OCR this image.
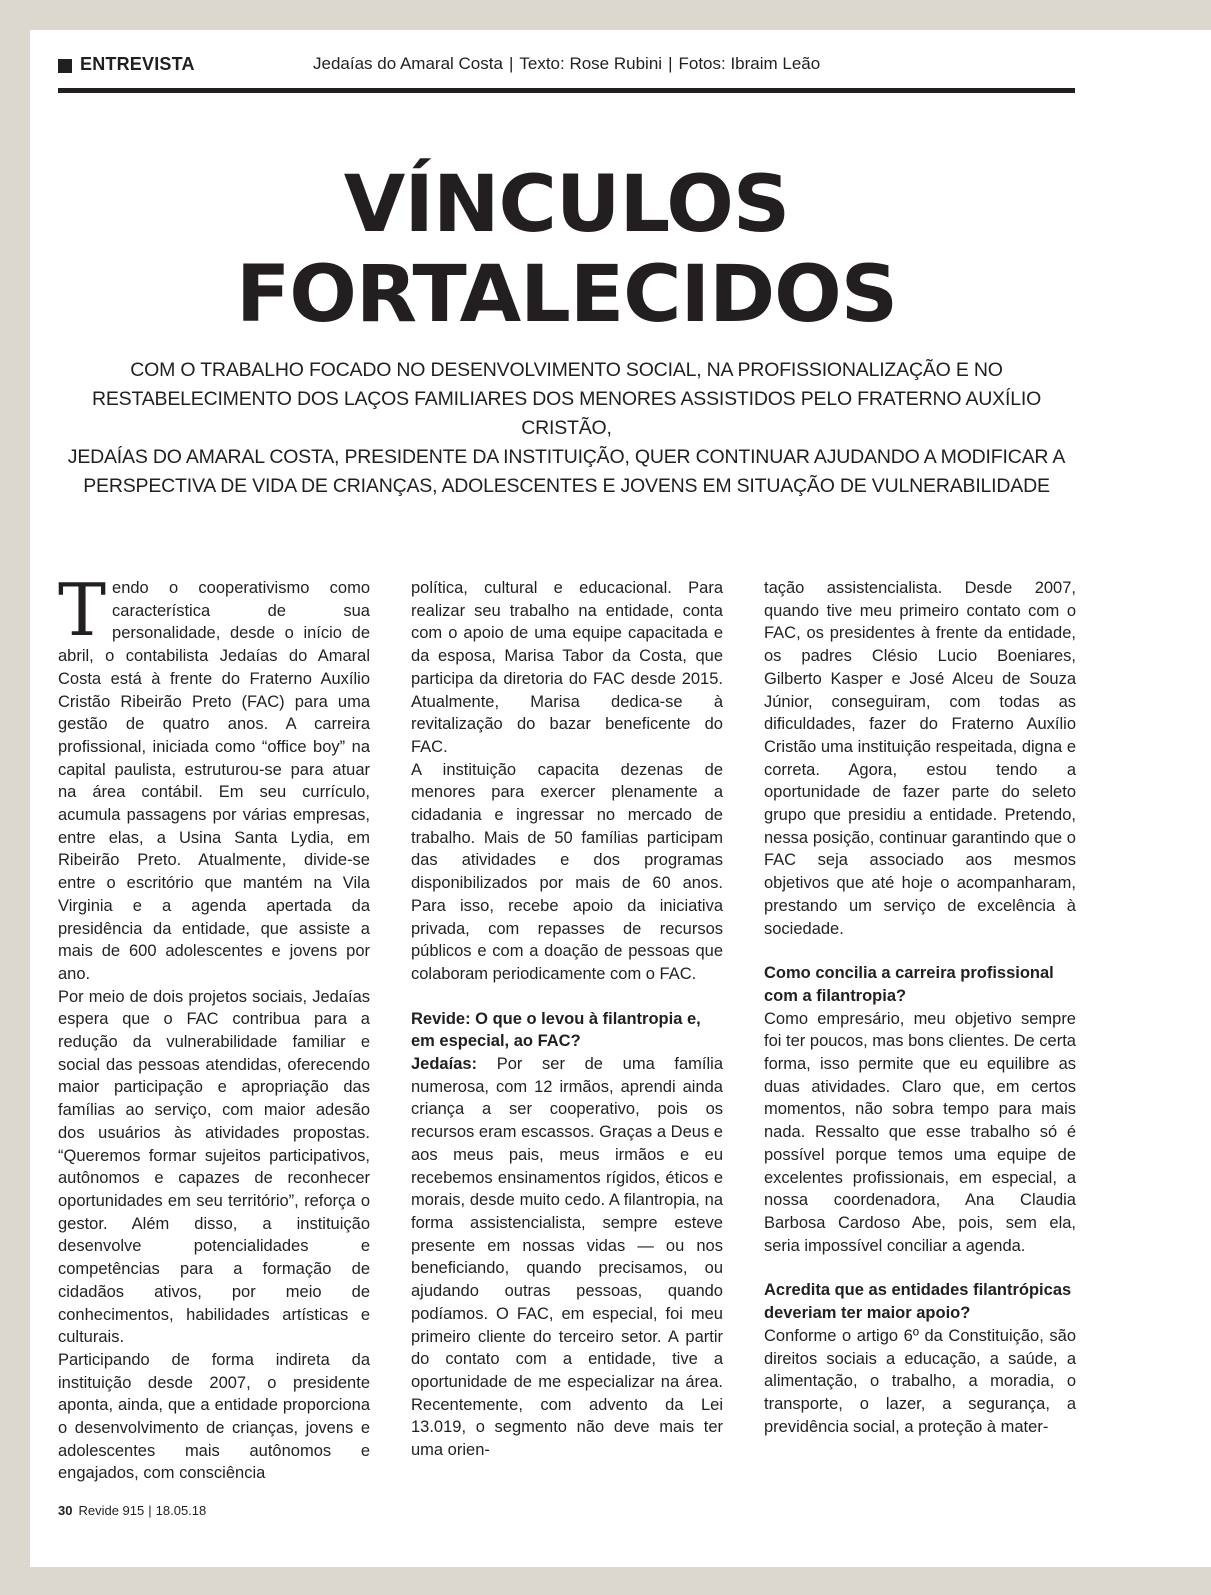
ENTREVISTA	Jedaías do Amaral Costa | Texto: Rose Rubini | Fotos: Ibraim Leão
VÍNCULOS
FORTALECIDOS
COM O TRABALHO FOCADO NO DESENVOLVIMENTO SOCIAL, NA PROFISSIONALIZAÇÃO E NO
RESTABELECIMENTO DOS LAÇOS FAMILIARES DOS MENORES ASSISTIDOS PELO FRATERNO AUXÍLIO CRISTÃO,
JEDAÍAS DO AMARAL COSTA, PRESIDENTE DA INSTITUIÇÃO, QUER CONTINUAR AJUDANDO A MODIFICAR A
PERSPECTIVA DE VIDA DE CRIANÇAS, ADOLESCENTES E JOVENS EM SITUAÇÃO DE VULNERABILIDADE

Tendo o cooperativismo como característica de sua personalidade, desde o início de abril, o contabilista Jedaías do Amaral Costa está à frente do Fraterno Auxílio Cristão Ribeirão Preto (FAC) para uma gestão de quatro anos. A carreira profissional, iniciada como “office boy” na capital paulista, estruturou-se para atuar na área contábil. Em seu currículo, acumula passagens por várias empresas, entre elas, a Usina Santa Lydia, em Ribeirão Preto. Atualmente, divide-se entre o escritório que mantém na Vila Virginia e a agenda apertada da presidência da entidade, que assiste a mais de 600 adolescentes e jovens por ano.

Por meio de dois projetos sociais, Jedaías espera que o FAC contribua para a redução da vulnerabilidade familiar e social das pessoas atendidas, oferecendo maior participação e apropriação das famílias ao serviço, com maior adesão dos usuários às atividades propostas. “Queremos formar sujeitos participativos, autônomos e capazes de reconhecer oportunidades em seu território”, reforça o gestor. Além disso, a instituição desenvolve potencialidades e competências para a formação de cidadãos ativos, por meio de conhecimentos, habilidades artísticas e culturais.

Participando de forma indireta da instituição desde 2007, o presidente aponta, ainda, que a entidade proporciona o desenvolvimento de crianças, jovens e adolescentes mais autônomos e engajados, com consciência

política, cultural e educacional. Para realizar seu trabalho na entidade, conta com o apoio de uma equipe capacitada e da esposa, Marisa Tabor da Costa, que participa da diretoria do FAC desde 2015. Atualmente, Marisa dedica-se à revitalização do bazar beneficente do FAC.

A instituição capacita dezenas de menores para exercer plenamente a cidadania e ingressar no mercado de trabalho. Mais de 50 famílias participam das atividades e dos programas disponibilizados por mais de 60 anos. Para isso, recebe apoio da iniciativa privada, com repasses de recursos públicos e com a doação de pessoas que colaboram periodicamente com o FAC.

Revide: O que o levou à filantropia e, em especial, ao FAC?

Jedaías: Por ser de uma família numerosa, com 12 irmãos, aprendi ainda criança a ser cooperativo, pois os recursos eram escassos. Graças a Deus e aos meus pais, meus irmãos e eu recebemos ensinamentos rígidos, éticos e morais, desde muito cedo. A filantropia, na forma assistencialista, sempre esteve presente em nossas vidas — ou nos beneficiando, quando precisamos, ou ajudando outras pessoas, quando podíamos. O FAC, em especial, foi meu primeiro cliente do terceiro setor. A partir do contato com a entidade, tive a oportunidade de me especializar na área. Recentemente, com advento da Lei 13.019, o segmento não deve mais ter uma orien-

tação assistencialista. Desde 2007, quando tive meu primeiro contato com o FAC, os presidentes à frente da entidade, os padres Clésio Lucio Boeniares, Gilberto Kasper e José Alceu de Souza Júnior, conseguiram, com todas as dificuldades, fazer do Fraterno Auxílio Cristão uma instituição respeitada, digna e correta. Agora, estou tendo a oportunidade de fazer parte do seleto grupo que presidiu a entidade. Pretendo, nessa posição, continuar garantindo que o FAC seja associado aos mesmos objetivos que até hoje o acompanharam, prestando um serviço de excelência à sociedade.

Como concilia a carreira profissional com a filantropia?

Como empresário, meu objetivo sempre foi ter poucos, mas bons clientes. De certa forma, isso permite que eu equilibre as duas atividades. Claro que, em certos momentos, não sobra tempo para mais nada. Ressalto que esse trabalho só é possível porque temos uma equipe de excelentes profissionais, em especial, a nossa coordenadora, Ana Claudia Barbosa Cardoso Abe, pois, sem ela, seria impossível conciliar a agenda.

Acredita que as entidades filantrópicas deveriam ter maior apoio?

Conforme o artigo 6º da Constituição, são direitos sociais a educação, a saúde, a alimentação, o trabalho, a moradia, o transporte, o lazer, a segurança, a previdência social, a proteção à mater-

30 Revide 915 | 18.05.18
